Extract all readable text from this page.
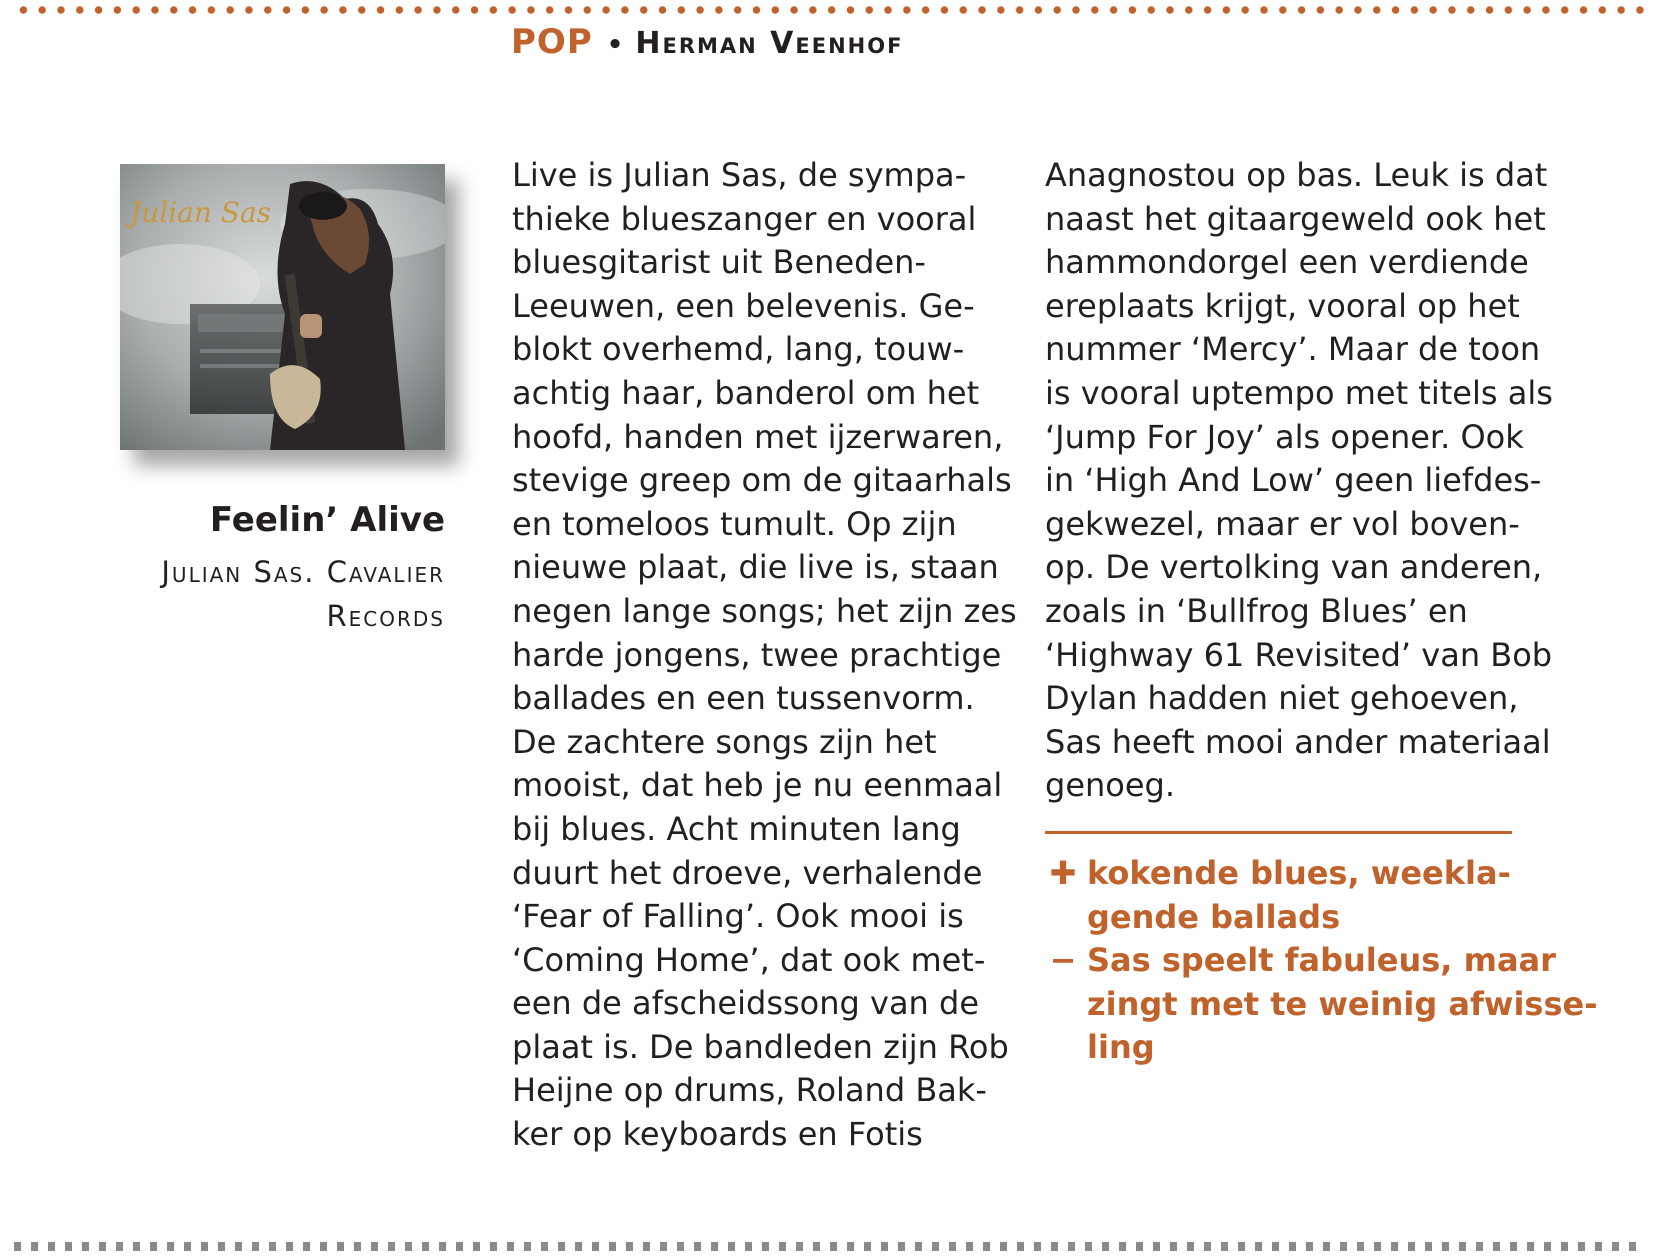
POP • Herman Veenhof
Julian Sas
Feelin’ Alive
Julian Sas. Cavalier
Records
Live is Julian Sas, de sympa-
thieke blueszanger en vooral
bluesgitarist uit Beneden-
Leeuwen, een belevenis. Ge-
blokt overhemd, lang, touw-
achtig haar, banderol om het
hoofd, handen met ijzerwaren,
stevige greep om de gitaarhals
en tomeloos tumult. Op zijn
nieuwe plaat, die live is, staan
negen lange songs; het zijn zes
harde jongens, twee prachtige
ballades en een tussenvorm.
De zachtere songs zijn het
mooist, dat heb je nu eenmaal
bij blues. Acht minuten lang
duurt het droeve, verhalende
‘Fear of Falling’. Ook mooi is
‘Coming Home’, dat ook met-
een de afscheidssong van de
plaat is. De bandleden zijn Rob
Heijne op drums, Roland Bak-
ker op keyboards en Fotis
Anagnostou op bas. Leuk is dat
naast het gitaargeweld ook het
hammondorgel een verdiende
ereplaats krijgt, vooral op het
nummer ‘Mercy’. Maar de toon
is vooral uptempo met titels als
‘Jump For Joy’ als opener. Ook
in ‘High And Low’ geen liefdes-
gekwezel, maar er vol boven-
op. De vertolking van anderen,
zoals in ‘Bullfrog Blues’ en
‘Highway 61 Revisited’ van Bob
Dylan hadden niet gehoeven,
Sas heeft mooi ander materiaal
genoeg.
✚ kokende blues, weekla-
gende ballads
− Sas speelt fabuleus, maar
zingt met te weinig afwisse-
ling
